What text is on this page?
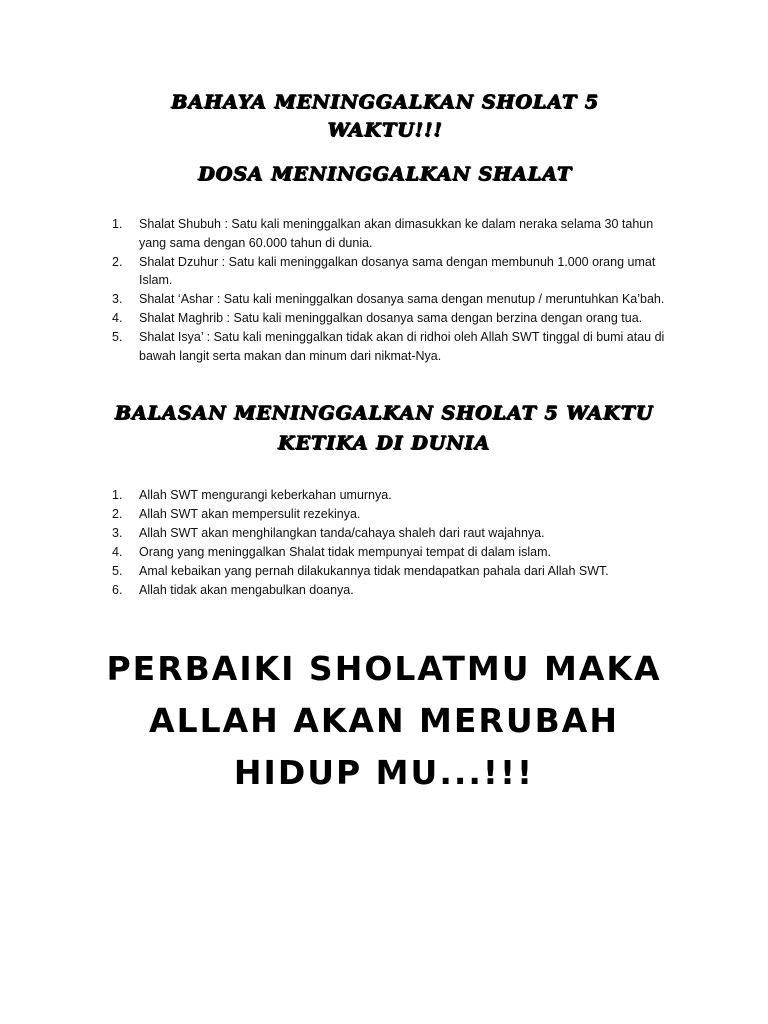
BAHAYA MENINGGALKAN SHOLAT 5 WAKTU!!!
DOSA MENINGGALKAN SHALAT
1. Shalat Shubuh : Satu kali meninggalkan akan dimasukkan ke dalam neraka selama 30 tahun yang sama dengan 60.000 tahun di dunia.
2. Shalat Dzuhur : Satu kali meninggalkan dosanya sama dengan membunuh 1.000 orang umat Islam.
3. Shalat ‘Ashar : Satu kali meninggalkan dosanya sama dengan menutup / meruntuhkan Ka’bah.
4. Shalat Maghrib : Satu kali meninggalkan dosanya sama dengan berzina dengan orang tua.
5. Shalat Isya’ : Satu kali meninggalkan tidak akan di ridhoi oleh Allah SWT tinggal di bumi atau di bawah langit serta makan dan minum dari nikmat-Nya.
BALASAN MENINGGALKAN SHOLAT 5 WAKTU KETIKA DI DUNIA
1. Allah SWT mengurangi keberkahan umurnya.
2. Allah SWT akan mempersulit rezekinya.
3. Allah SWT akan menghilangkan tanda/cahaya shaleh dari raut wajahnya.
4. Orang yang meninggalkan Shalat tidak mempunyai tempat di dalam islam.
5. Amal kebaikan yang pernah dilakukannya tidak mendapatkan pahala dari Allah SWT.
6. Allah tidak akan mengabulkan doanya.

PERBAIKI SHOLATMU MAKA ALLAH AKAN MERUBAH HIDUP MU...!!!
